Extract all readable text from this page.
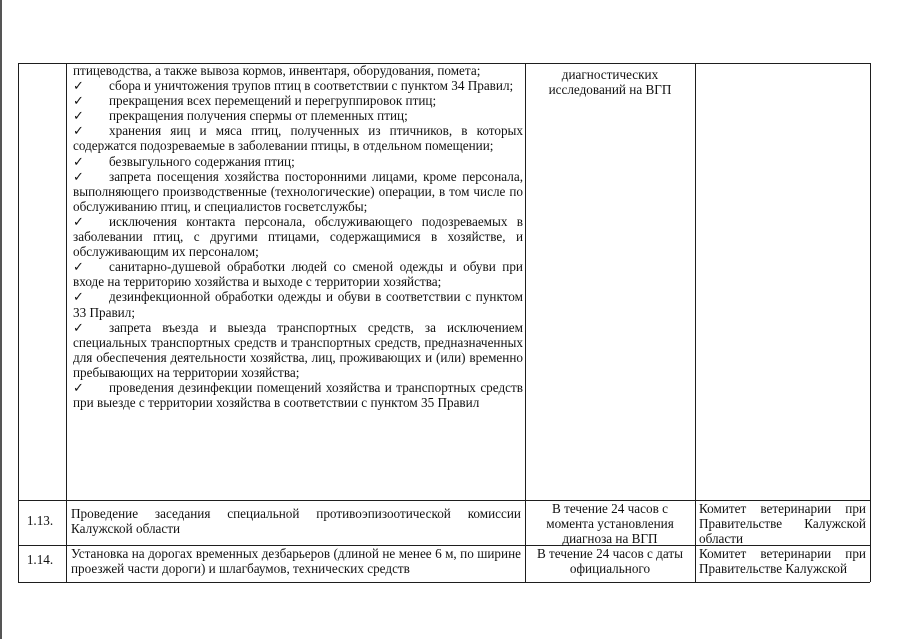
птицеводства, а также вывоза кормов, инвентаря, оборудования, помета;
✓сбора и уничтожения трупов птиц в соответствии с пунктом 34 Правил;
✓прекращения всех перемещений и перегруппировок птиц;
✓прекращения получения спермы от племенных птиц;
✓хранения яиц и мяса птиц, полученных из птичников, в которых содержатся подозреваемые в заболевании птицы, в отдельном помещении;
✓безвыгульного содержания птиц;
✓запрета посещения хозяйства посторонними лицами, кроме персонала, выполняющего производственные (технологические) операции, в том числе по обслуживанию птиц, и специалистов госветслужбы;
✓исключения контакта персонала, обслуживающего подозреваемых в заболевании птиц, с другими птицами, содержащимися в хозяйстве, и обслуживающим их персоналом;
✓санитарно-душевой обработки людей со сменой одежды и обуви при входе на территорию хозяйства и выходе с территории хозяйства;
✓дезинфекционной обработки одежды и обуви в соответствии с пунктом 33 Правил;
✓запрета въезда и выезда транспортных средств, за исключением специальных транспортных средств и транспортных средств, предназначенных для обеспечения деятельности хозяйства, лиц, проживающих и (или) временно пребывающих на территории хозяйства;
✓проведения дезинфекции помещений хозяйства и транспортных средств при выезде с территории хозяйства в соответствии с пунктом 35 Правил
диагностических исследований на ВГП
1.13.	Проведение заседания специальной противоэпизоотической комиссии Калужской области
В течение 24 часов с момента установления диагноза на ВГП
Комитет ветеринарии при Правительстве Калужской области
1.14.	Установка на дорогах временных дезбарьеров (длиной не менее 6 м, по ширине проезжей части дороги) и шлагбаумов, технических средств
В течение 24 часов с даты официального
Комитет ветеринарии при Правительстве Калужской
